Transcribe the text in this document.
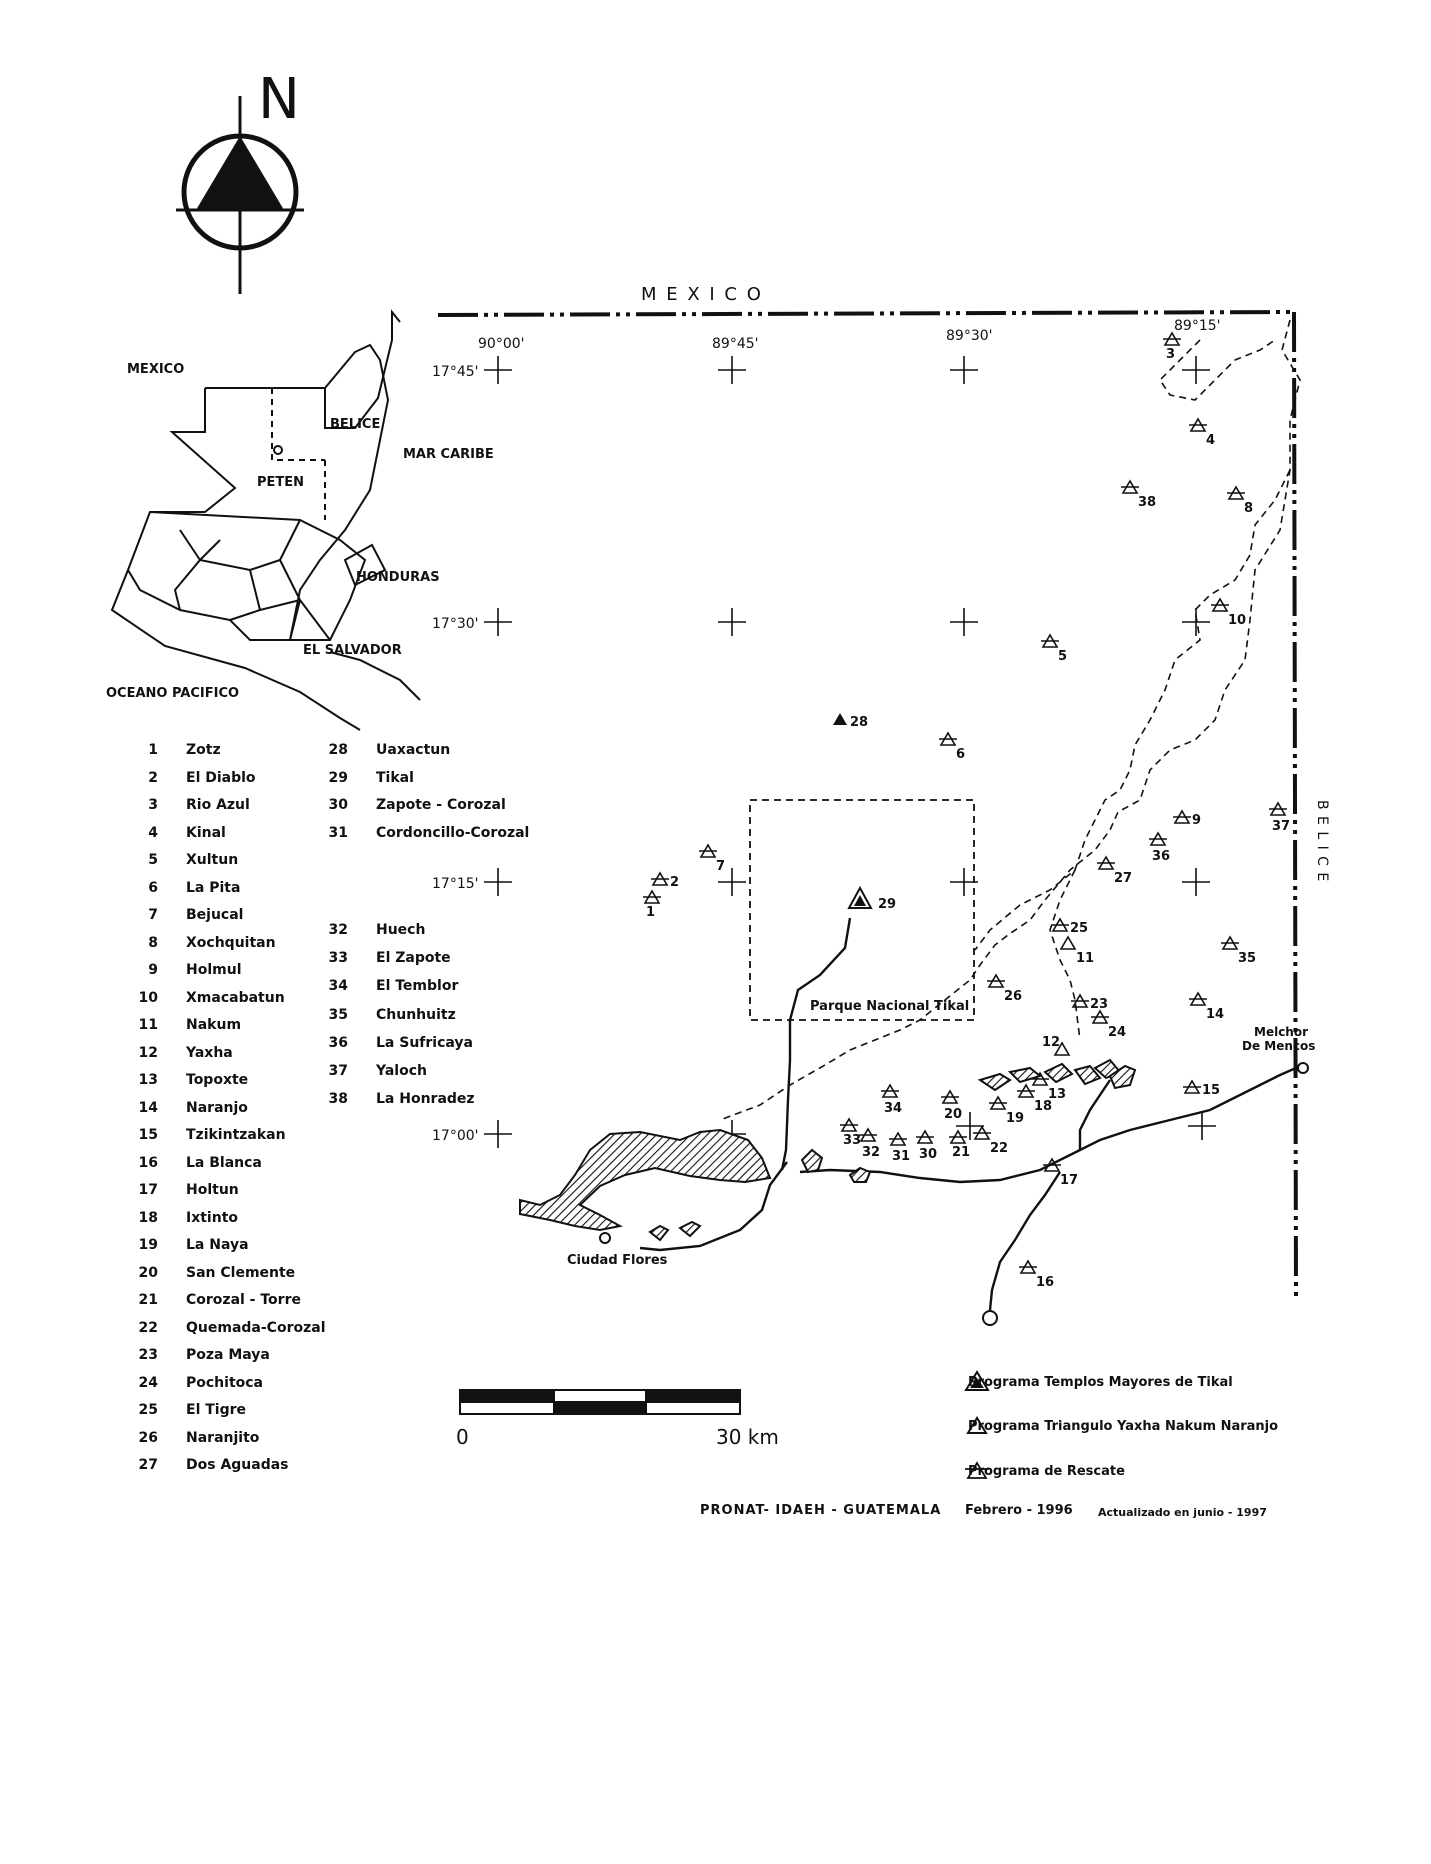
N
MEXICO
BELICE
PETEN
MAR CARIBE
HONDURAS
EL SALVADOR
OCEANO PACIFICO
M E X I C O
B E L I C E
90°00'	89°45'	89°30'
89°15'
17°45'
17°30'
17°15'
17°00'
Parque Nacional Tikal
Ciudad Flores
Melchor
De Mencos
1
2
3
4
5
6
7
8
9
10
11
12
13
14
15
16
17
18
19
20
21 22
23
24
25
26
27
28
29
30
31
32
33
34
35
36
37
38
0	30 km
1 Zotz
2 El Diablo
3 Rio Azul
4 Kinal
5 Xultun
6 La Pita
7 Bejucal
8 Xochquitan
9 Holmul
10 Xmacabatun
11 Nakum
12 Yaxha
13 Topoxte
14 Naranjo
15 Tzikintzakan
16 La Blanca
17 Holtun
18 Ixtinto
19 La Naya
20 San Clemente
21 Corozal - Torre
22 Quemada-Corozal
23 Poza Maya
24 Pochitoca
25 El Tigre
26 Naranjito
27 Dos Aguadas
28 Uaxactun
29 Tikal
30 Zapote - Corozal
31 Cordoncillo-Corozal
32 Huech
33 El Zapote
34 El Temblor
35 Chunhuitz
36 La Sufricaya
37 Yaloch
38 La Honradez
Programa Templos Mayores de Tikal
Programa Triangulo Yaxha Nakum Naranjo
Programa de Rescate
PRONAT- IDAEH - GUATEMALA Febrero - 1996 Actualizado en junio - 1997
